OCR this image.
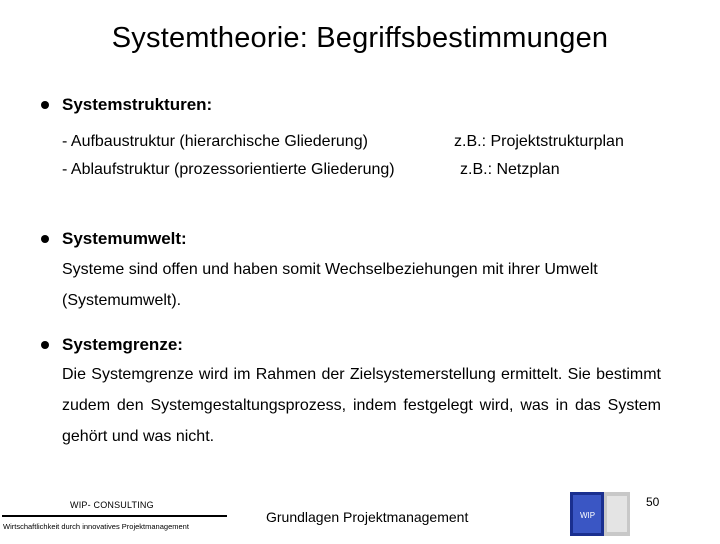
Systemtheorie: Begriffsbestimmungen
Systemstrukturen:
- Aufbaustruktur (hierarchische Gliederung)	z.B.: Projektstrukturplan
- Ablaufstruktur (prozessorientierte Gliederung)	z.B.: Netzplan
Systemumwelt:
Systeme sind offen und haben somit Wechselbeziehungen mit ihrer Umwelt (Systemumwelt).
Systemgrenze:
Die Systemgrenze wird im Rahmen der Zielsystemerstellung ermittelt. Sie bestimmt zudem den Systemgestaltungsprozess, indem festgelegt wird, was in das System gehört und was nicht.
WIP- CONSULTING
Wirtschaftlichkeit durch innovatives Projektmanagement
Grundlagen Projektmanagement	WIP
50
